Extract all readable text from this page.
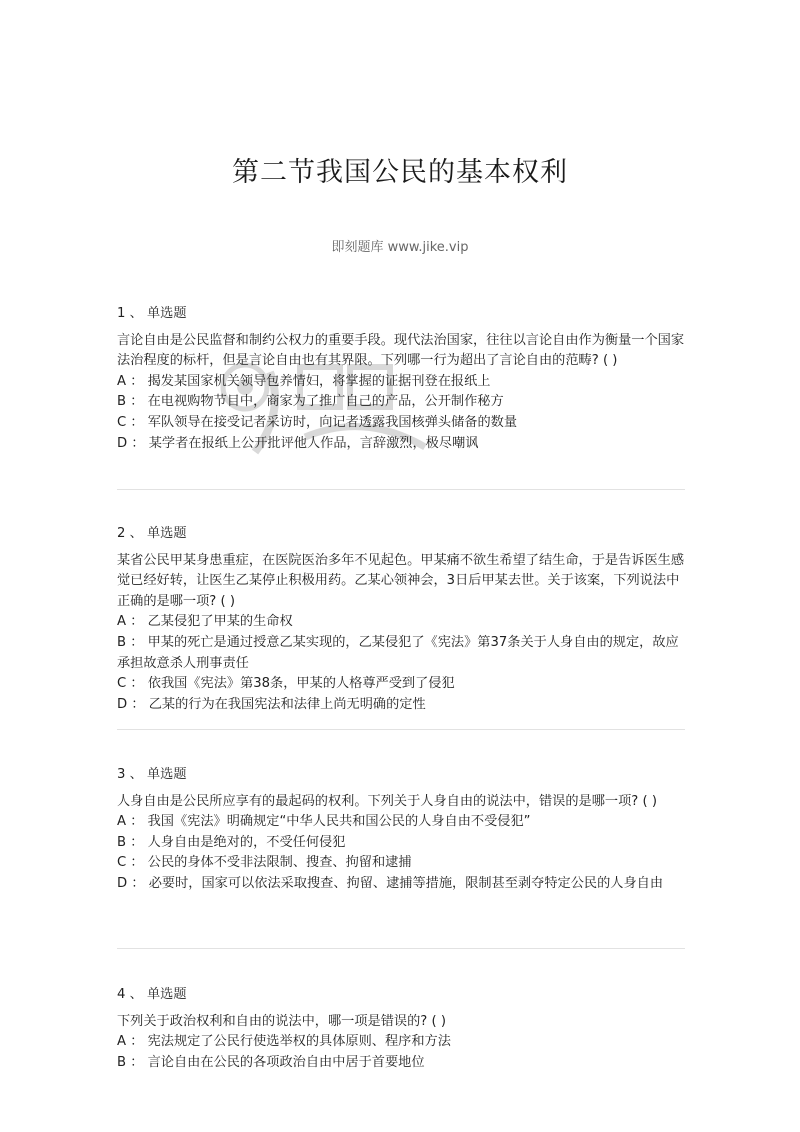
第二节我国公民的基本权利
即刻题库 www.jike.vip
1 、 单选题
言论自由是公民监督和制约公权力的重要手段。现代法治国家，往往以言论自由作为衡量一个国家法治程度的标杆，但是言论自由也有其界限。下列哪一行为超出了言论自由的范畴? ( )
A ： 揭发某国家机关领导包养情妇，将掌握的证据刊登在报纸上
B ： 在电视购物节目中，商家为了推广自己的产品，公开制作秘方
C ： 军队领导在接受记者采访时，向记者透露我国核弹头储备的数量
D ： 某学者在报纸上公开批评他人作品，言辞激烈，极尽嘲讽
2 、 单选题
某省公民甲某身患重症，在医院医治多年不见起色。甲某痛不欲生希望了结生命，于是告诉医生感觉已经好转，让医生乙某停止积极用药。乙某心领神会，3日后甲某去世。关于该案，下列说法中正确的是哪一项? ( )
A ： 乙某侵犯了甲某的生命权
B ： 甲某的死亡是通过授意乙某实现的，乙某侵犯了《宪法》第37条关于人身自由的规定，故应承担故意杀人刑事责任
C ： 依我国《宪法》第38条，甲某的人格尊严受到了侵犯
D ： 乙某的行为在我国宪法和法律上尚无明确的定性
3 、 单选题
人身自由是公民所应享有的最起码的权利。下列关于人身自由的说法中，错误的是哪一项? ( )
A ： 我国《宪法》明确规定“中华人民共和国公民的人身自由不受侵犯”
B ： 人身自由是绝对的，不受任何侵犯
C ： 公民的身体不受非法限制、搜查、拘留和逮捕
D ： 必要时，国家可以依法采取搜查、拘留、逮捕等措施，限制甚至剥夺特定公民的人身自由
4 、 单选题
下列关于政治权利和自由的说法中，哪一项是错误的? ( )
A ： 宪法规定了公民行使选举权的具体原则、程序和方法
B ： 言论自由在公民的各项政治自由中居于首要地位
